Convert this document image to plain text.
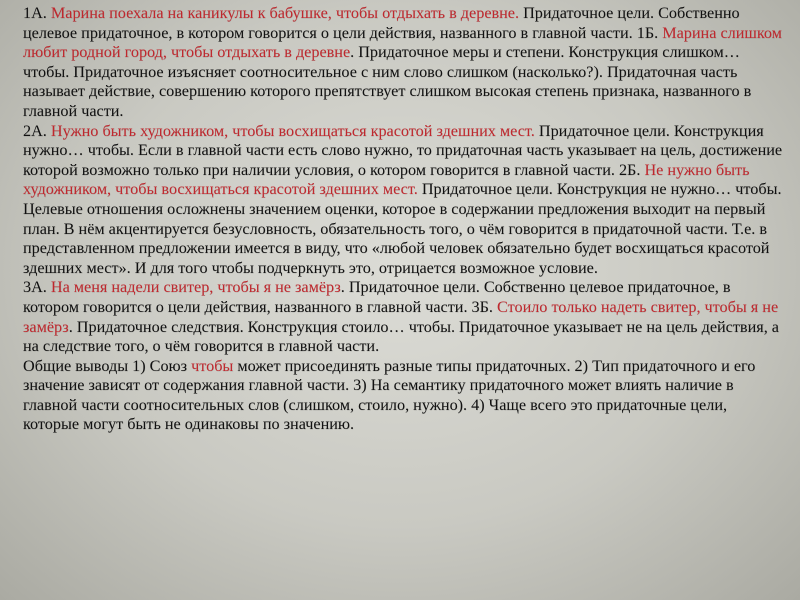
1А. Марина поехала на каникулы к бабушке, чтобы отдыхать в деревне. Придаточное цели. Собственно целевое придаточное, в котором говорится о цели действия, названного в главной части. 1Б. Марина слишком любит родной город, чтобы отдыхать в деревне. Придаточное меры и степени. Конструкция слишком… чтобы. Придаточное изъясняет соотносительное с ним слово слишком (насколько?). Придаточная часть называет действие, совершению которого препятствует слишком высокая степень признака, названного в главной части.

2А. Нужно быть художником, чтобы восхищаться красотой здешних мест. Придаточное цели. Конструкция нужно… чтобы. Если в главной части есть слово нужно, то придаточная часть указывает на цель, достижение которой возможно только при наличии условия, о котором говорится в главной части. 2Б. Не нужно быть художником, чтобы восхищаться красотой здешних мест. Придаточное цели. Конструкция не нужно… чтобы. Целевые отношения осложнены значением оценки, которое в содержании предложения выходит на первый план. В нём акцентируется безусловность, обязательность того, о чём говорится в придаточной части. Т.е. в представленном предложении имеется в виду, что «любой человек обязательно будет восхищаться красотой здешних мест». И для того чтобы подчеркнуть это, отрицается возможное условие.

3А. На меня надели свитер, чтобы я не замёрз. Придаточное цели. Собственно целевое придаточное, в котором говорится о цели действия, названного в главной части. 3Б. Стоило только надеть свитер, чтобы я не замёрз. Придаточное следствия. Конструкция стоило… чтобы. Придаточное указывает не на цель действия, а на следствие того, о чём говорится в главной части.

Общие выводы 1) Союз чтобы может присоединять разные типы придаточных. 2) Тип придаточного и его значение зависят от содержания главной части. 3) На семантику придаточного может влиять наличие в главной части соотносительных слов (слишком, стоило, нужно). 4) Чаще всего это придаточные цели, которые могут быть не одинаковы по значению.
